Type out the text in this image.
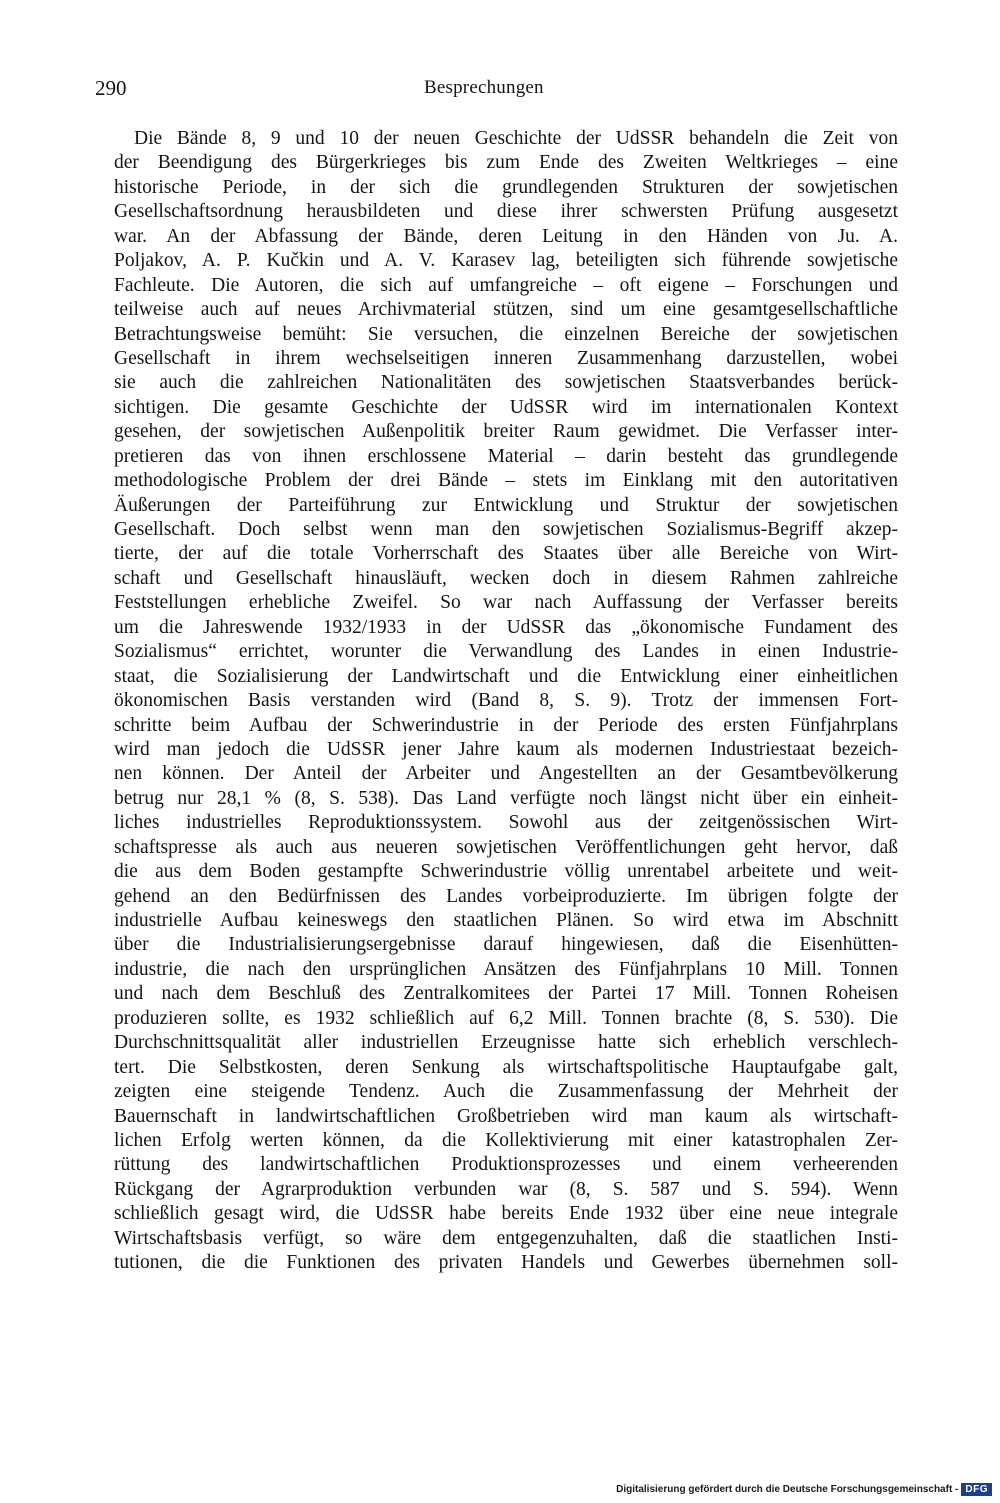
290	Besprechungen
Die Bände 8, 9 und 10 der neuen Geschichte der UdSSR behandeln die Zeit von
der Beendigung des Bürgerkrieges bis zum Ende des Zweiten Weltkrieges – eine
historische Periode, in der sich die grundlegenden Strukturen der sowjetischen
Gesellschaftsordnung herausbildeten und diese ihrer schwersten Prüfung ausgesetzt
war. An der Abfassung der Bände, deren Leitung in den Händen von Ju. A.
Poljakov, A. P. Kučkin und A. V. Karasev lag, beteiligten sich führende sowjetische
Fachleute. Die Autoren, die sich auf umfangreiche – oft eigene – Forschungen und
teilweise auch auf neues Archivmaterial stützen, sind um eine gesamtgesellschaftliche
Betrachtungsweise bemüht: Sie versuchen, die einzelnen Bereiche der sowjetischen
Gesellschaft in ihrem wechselseitigen inneren Zusammenhang darzustellen, wobei
sie auch die zahlreichen Nationalitäten des sowjetischen Staatsverbandes berück-
sichtigen. Die gesamte Geschichte der UdSSR wird im internationalen Kontext
gesehen, der sowjetischen Außenpolitik breiter Raum gewidmet. Die Verfasser inter-
pretieren das von ihnen erschlossene Material – darin besteht das grundlegende
methodologische Problem der drei Bände – stets im Einklang mit den autoritativen
Äußerungen der Parteiführung zur Entwicklung und Struktur der sowjetischen
Gesellschaft. Doch selbst wenn man den sowjetischen Sozialismus-Begriff akzep-
tierte, der auf die totale Vorherrschaft des Staates über alle Bereiche von Wirt-
schaft und Gesellschaft hinausläuft, wecken doch in diesem Rahmen zahlreiche
Feststellungen erhebliche Zweifel. So war nach Auffassung der Verfasser bereits
um die Jahreswende 1932/1933 in der UdSSR das „ökonomische Fundament des
Sozialismus“ errichtet, worunter die Verwandlung des Landes in einen Industrie-
staat, die Sozialisierung der Landwirtschaft und die Entwicklung einer einheitlichen
ökonomischen Basis verstanden wird (Band 8, S. 9). Trotz der immensen Fort-
schritte beim Aufbau der Schwerindustrie in der Periode des ersten Fünfjahrplans
wird man jedoch die UdSSR jener Jahre kaum als modernen Industriestaat bezeich-
nen können. Der Anteil der Arbeiter und Angestellten an der Gesamtbevölkerung
betrug nur 28,1 % (8, S. 538). Das Land verfügte noch längst nicht über ein einheit-
liches industrielles Reproduktionssystem. Sowohl aus der zeitgenössischen Wirt-
schaftspresse als auch aus neueren sowjetischen Veröffentlichungen geht hervor, daß
die aus dem Boden gestampfte Schwerindustrie völlig unrentabel arbeitete und weit-
gehend an den Bedürfnissen des Landes vorbeiproduzierte. Im übrigen folgte der
industrielle Aufbau keineswegs den staatlichen Plänen. So wird etwa im Abschnitt
über die Industrialisierungsergebnisse darauf hingewiesen, daß die Eisenhütten-
industrie, die nach den ursprünglichen Ansätzen des Fünfjahrplans 10 Mill. Tonnen
und nach dem Beschluß des Zentralkomitees der Partei 17 Mill. Tonnen Roheisen
produzieren sollte, es 1932 schließlich auf 6,2 Mill. Tonnen brachte (8, S. 530). Die
Durchschnittsqualität aller industriellen Erzeugnisse hatte sich erheblich verschlech-
tert. Die Selbstkosten, deren Senkung als wirtschaftspolitische Hauptaufgabe galt,
zeigten eine steigende Tendenz. Auch die Zusammenfassung der Mehrheit der
Bauernschaft in landwirtschaftlichen Großbetrieben wird man kaum als wirtschaft-
lichen Erfolg werten können, da die Kollektivierung mit einer katastrophalen Zer-
rüttung des landwirtschaftlichen Produktionsprozesses und einem verheerenden
Rückgang der Agrarproduktion verbunden war (8, S. 587 und S. 594). Wenn
schließlich gesagt wird, die UdSSR habe bereits Ende 1932 über eine neue integrale
Wirtschaftsbasis verfügt, so wäre dem entgegenzuhalten, daß die staatlichen Insti-
tutionen, die die Funktionen des privaten Handels und Gewerbes übernehmen soll-
Digitalisierung gefördert durch die Deutsche Forschungsgemeinschaft - DFG
